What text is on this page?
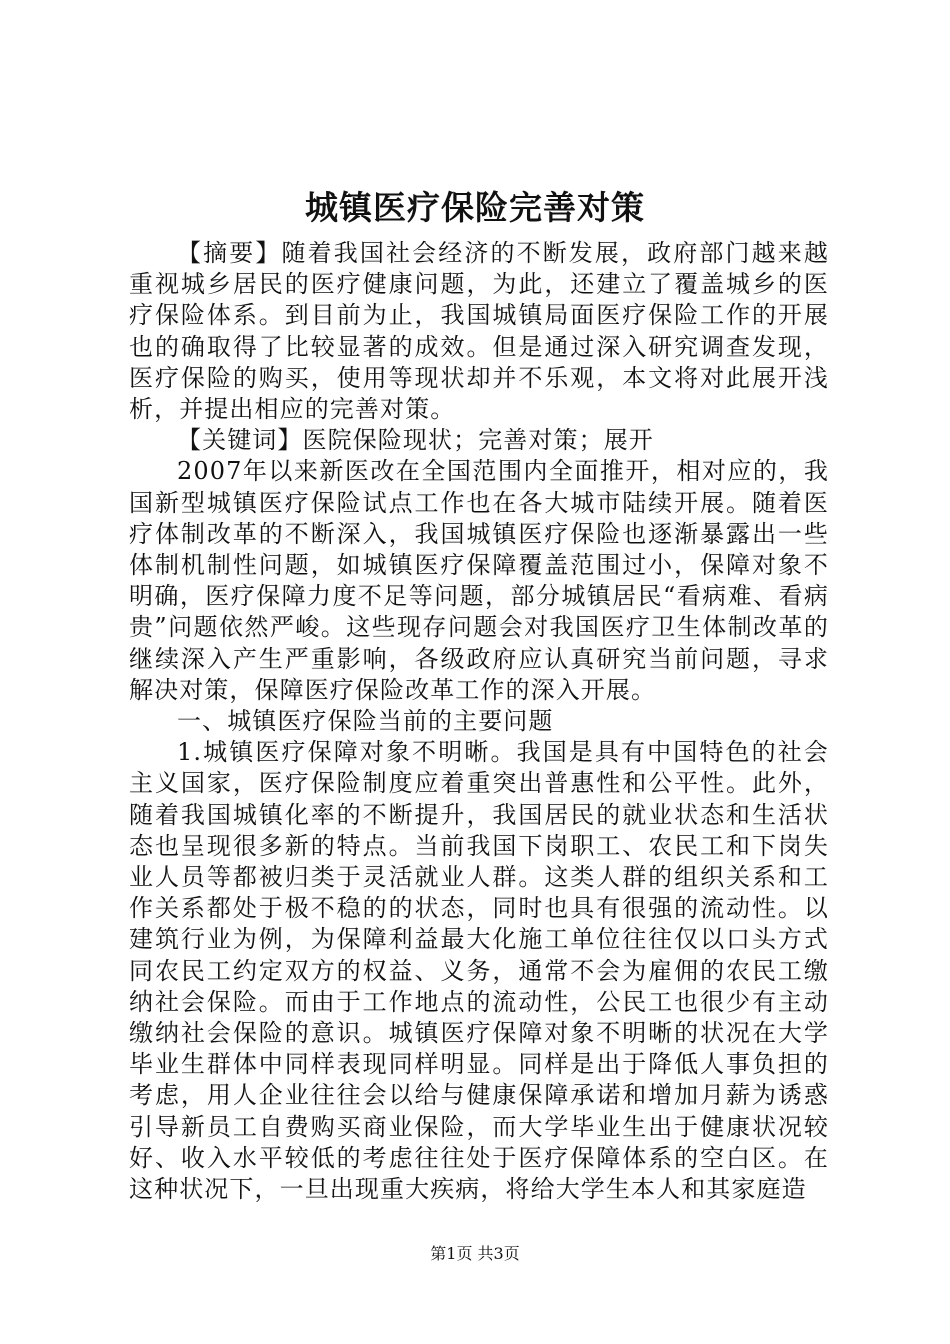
城镇医疗保险完善对策

【摘要】随着我国社会经济的不断发展，政府部门越来越重视城乡居民的医疗健康问题，为此，还建立了覆盖城乡的医疗保险体系。到目前为止，我国城镇局面医疗保险工作的开展也的确取得了比较显著的成效。但是通过深入研究调查发现，医疗保险的购买，使用等现状却并不乐观，本文将对此展开浅析，并提出相应的完善对策。

【关键词】医院保险现状；完善对策；展开

2007年以来新医改在全国范围内全面推开，相对应的，我国新型城镇医疗保险试点工作也在各大城市陆续开展。随着医疗体制改革的不断深入，我国城镇医疗保险也逐渐暴露出一些体制机制性问题，如城镇医疗保障覆盖范围过小，保障对象不明确，医疗保障力度不足等问题，部分城镇居民“看病难、看病贵”问题依然严峻。这些现存问题会对我国医疗卫生体制改革的继续深入产生严重影响，各级政府应认真研究当前问题，寻求解决对策，保障医疗保险改革工作的深入开展。

一、城镇医疗保险当前的主要问题

1.城镇医疗保障对象不明晰。我国是具有中国特色的社会主义国家，医疗保险制度应着重突出普惠性和公平性。此外，随着我国城镇化率的不断提升，我国居民的就业状态和生活状态也呈现很多新的特点。当前我国下岗职工、农民工和下岗失业人员等都被归类于灵活就业人群。这类人群的组织关系和工作关系都处于极不稳的的状态，同时也具有很强的流动性。以建筑行业为例，为保障利益最大化施工单位往往仅以口头方式同农民工约定双方的权益、义务，通常不会为雇佣的农民工缴纳社会保险。而由于工作地点的流动性，公民工也很少有主动缴纳社会保险的意识。城镇医疗保障对象不明晰的状况在大学毕业生群体中同样表现同样明显。同样是出于降低人事负担的考虑，用人企业往往会以给与健康保障承诺和增加月薪为诱惑引导新员工自费购买商业保险，而大学毕业生出于健康状况较好、收入水平较低的考虑往往处于医疗保障体系的空白区。在这种状况下，一旦出现重大疾病，将给大学生本人和其家庭造

第1页 共3页
